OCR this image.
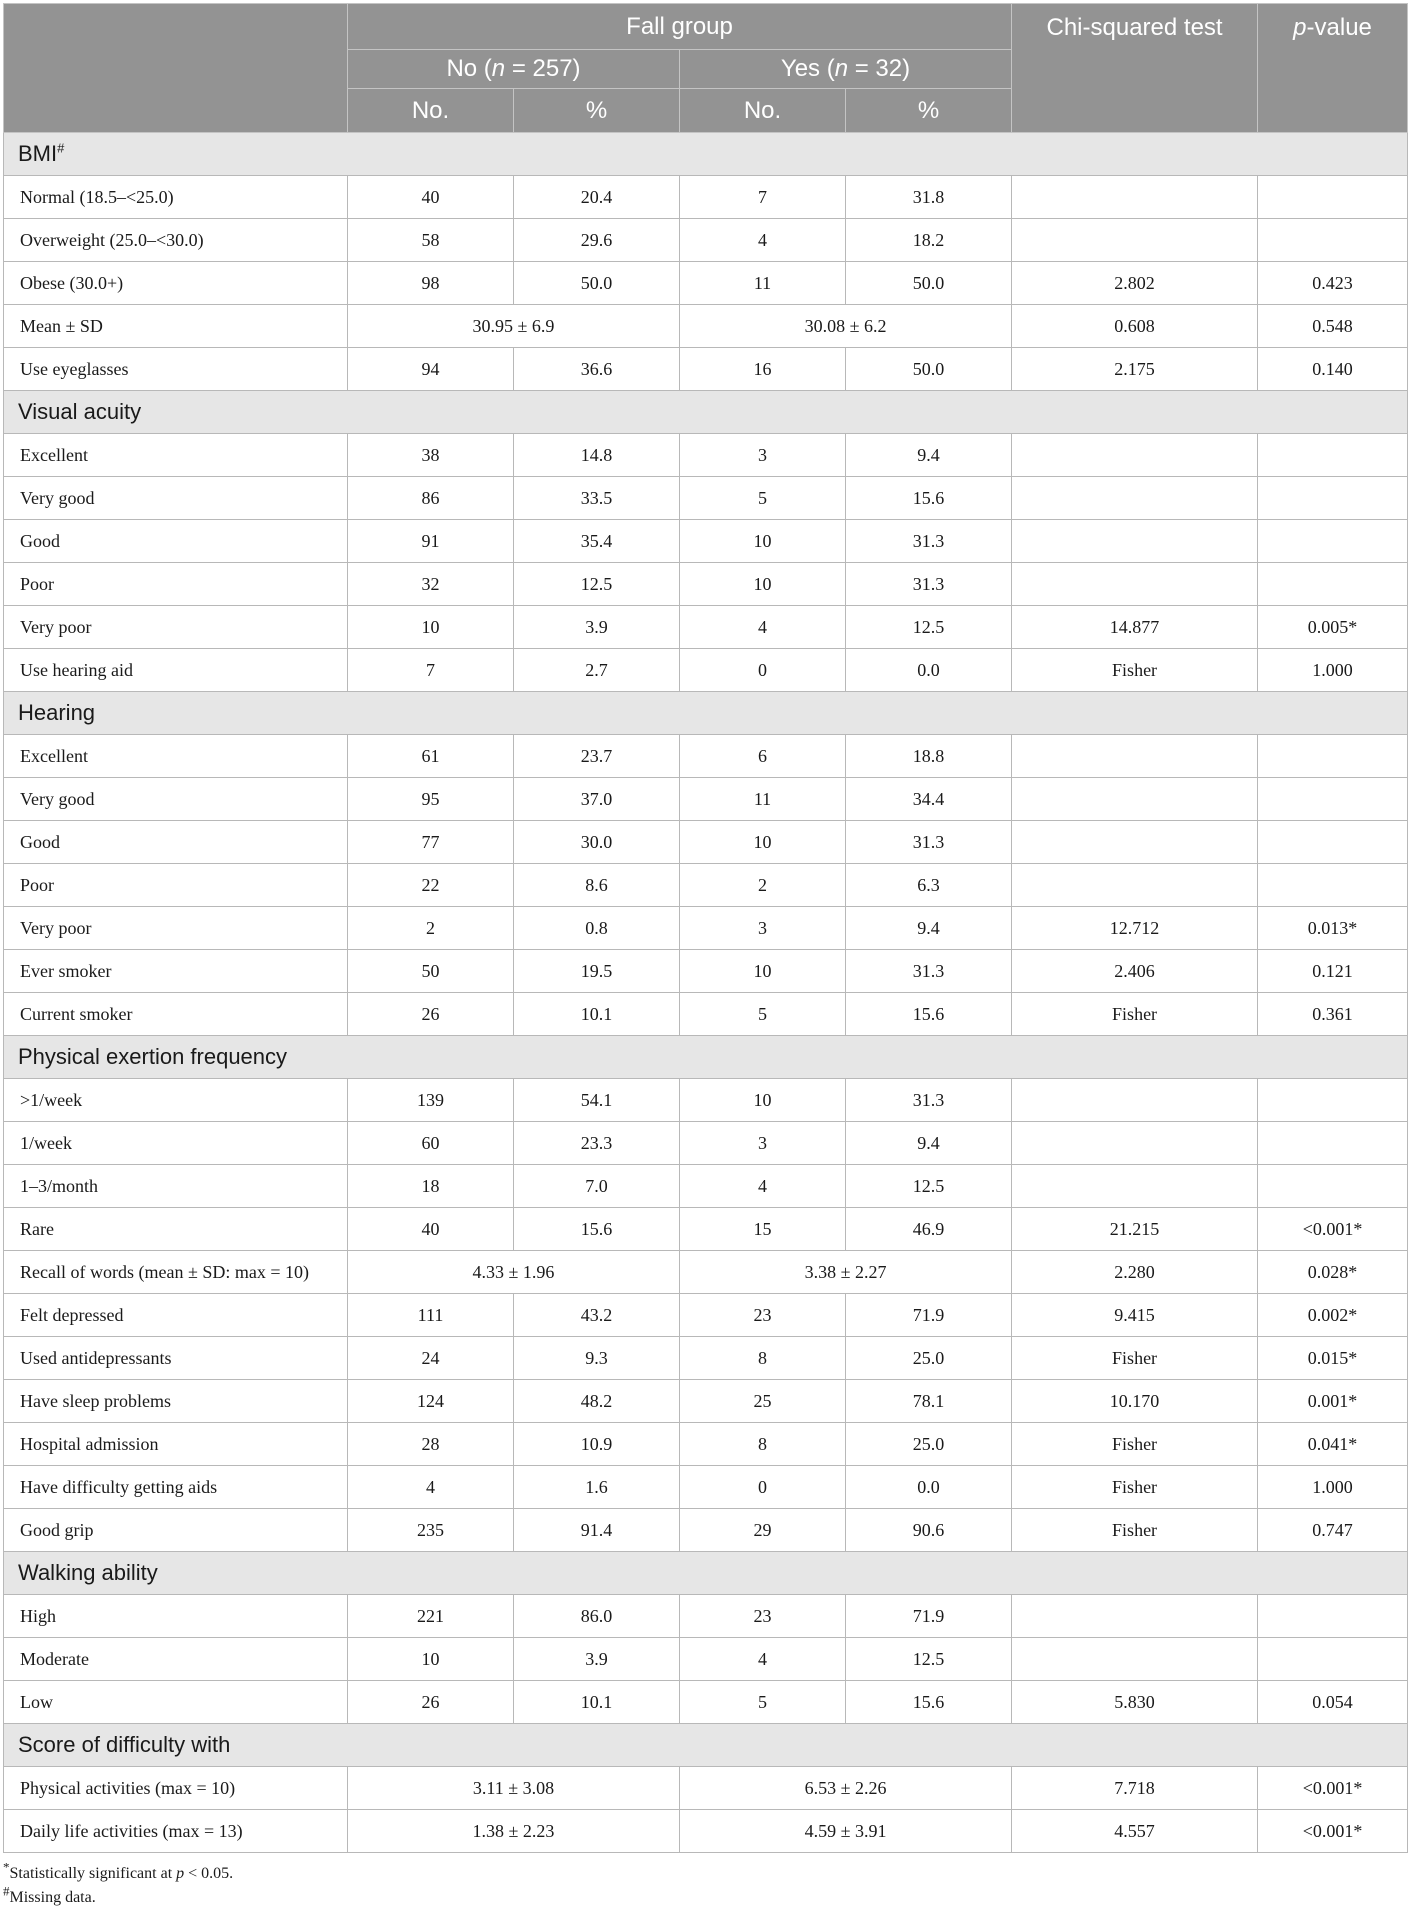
	Fall group				Chi-squared test	p-value
	No (n = 257)		Yes (n = 32)			
	No.	%	No.	%		
BMI#
Normal (18.5–<25.0)	40	20.4	7	31.8		
Overweight (25.0–<30.0)	58	29.6	4	18.2		
Obese (30.0+)	98	50.0	11	50.0	2.802	0.423
Mean ± SD	30.95 ± 6.9		30.08 ± 6.2		0.608	0.548
Use eyeglasses	94	36.6	16	50.0	2.175	0.140
Visual acuity						
Excellent	38	14.8	3	9.4		
Very good	86	33.5	5	15.6		
Good	91	35.4	10	31.3		
Poor	32	12.5	10	31.3		
Very poor	10	3.9	4	12.5	14.877	0.005*
Use hearing aid	7	2.7	0	0.0	Fisher	1.000
Hearing						
Excellent	61	23.7	6	18.8		
Very good	95	37.0	11	34.4		
Good	77	30.0	10	31.3		
Poor	22	8.6	2	6.3		
Very poor	2	0.8	3	9.4	12.712	0.013*
Ever smoker	50	19.5	10	31.3	2.406	0.121
Current smoker	26	10.1	5	15.6	Fisher	0.361
Physical exertion frequency						
>1/week	139	54.1	10	31.3		
1/week	60	23.3	3	9.4		
1–3/month	18	7.0	4	12.5		
Rare	40	15.6	15	46.9	21.215	<0.001*
Recall of words (mean ± SD: max = 10)	4.33 ± 1.96		3.38 ± 2.27		2.280	0.028*
Felt depressed	111	43.2	23	71.9	9.415	0.002*
Used antidepressants	24	9.3	8	25.0	Fisher	0.015*
Have sleep problems	124	48.2	25	78.1	10.170	0.001*
Hospital admission	28	10.9	8	25.0	Fisher	0.041*
Have difficulty getting aids	4	1.6	0	0.0	Fisher	1.000
Good grip	235	91.4	29	90.6	Fisher	0.747
Walking ability						
High	221	86.0	23	71.9		
Moderate	10	3.9	4	12.5		
Low	26	10.1	5	15.6	5.830	0.054
Score of difficulty with						
Physical activities (max = 10)	3.11 ± 3.08		6.53 ± 2.26		7.718	<0.001*
Daily life activities (max = 13)	1.38 ± 2.23		4.59 ± 3.91		4.557	<0.001*
*Statistically significant at p < 0.05.
#Missing data.
